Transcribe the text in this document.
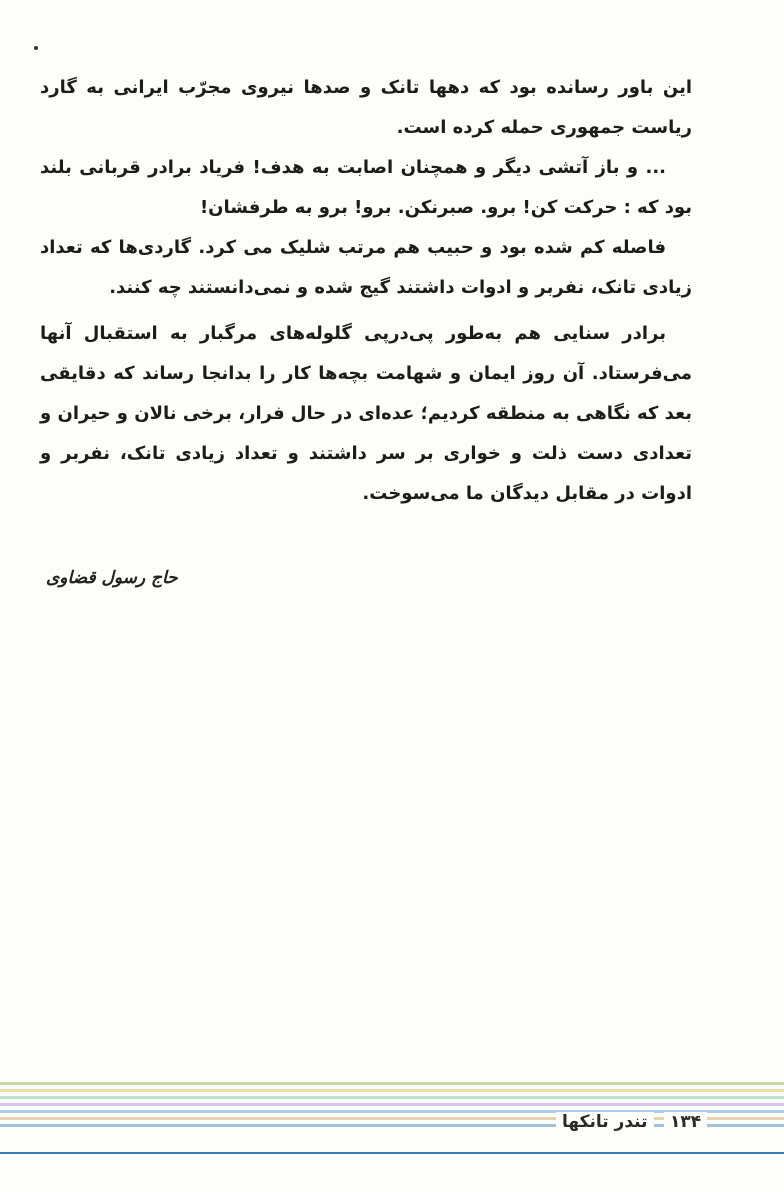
این باور رسانده بود که دهها تانک و صدها نیروی مجرّب ایرانی به گارد ریاست جمهوری حمله کرده است.

... و باز آتشی دیگر و همچنان اصابت به هدف! فریاد برادر قربانی بلند بود که : حرکت کن! برو. صبرنکن. برو! برو به طرفشان!

فاصله کم شده بود و حبیب هم مرتب شلیک می کرد. گاردی‌ها که تعداد زیادی تانک، نفربر و ادوات داشتند گیج شده و نمی‌دانستند چه کنند.

برادر سنایی هم به‌طور پی‌درپی گلوله‌های مرگبار به استقبال آنها می‌فرستاد. آن روز ایمان و شهامت بچه‌ها کار را بدانجا رساند که دقایقی بعد که نگاهی به منطقه کردیم؛ عده‌ای در حال فرار، برخی نالان و حیران و تعدادی دست ذلت و خواری بر سر داشتند و تعداد زیادی تانک، نفربر و ادوات در مقابل دیدگان ما می‌سوخت.

حاج رسول قضاوی
تندر تانکها	۱۳۴
